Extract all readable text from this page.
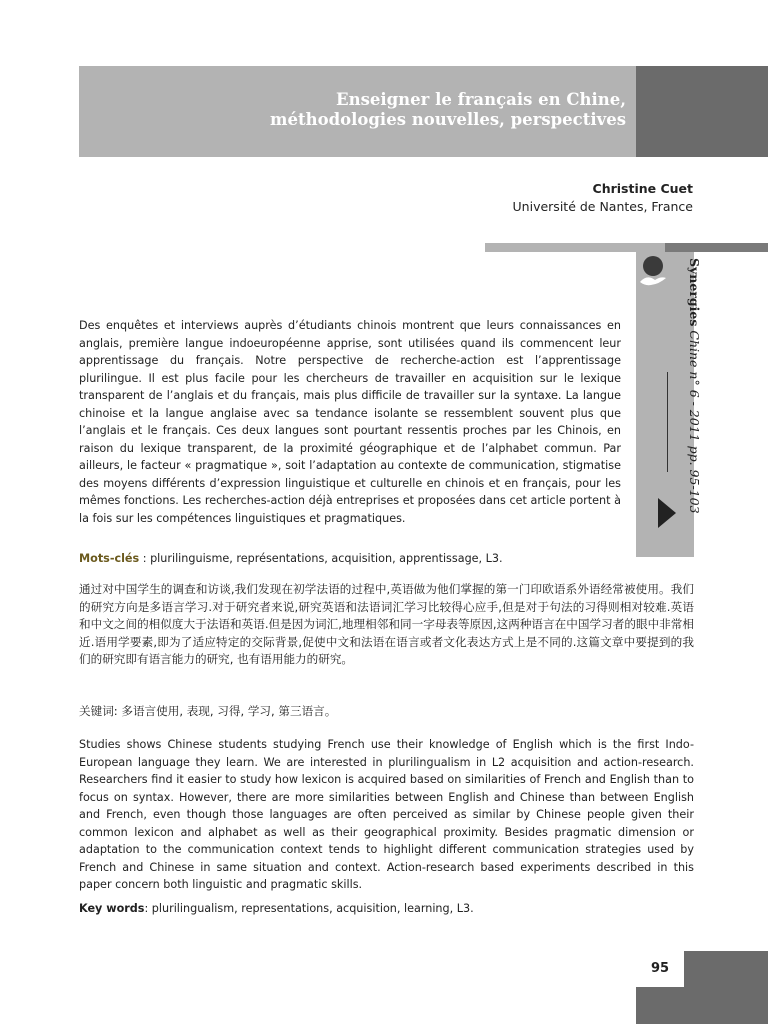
Enseigner le français en Chine,
méthodologies nouvelles, perspectives
Christine Cuet
Université de Nantes, France
Synergies Chine n° 6 - 2011 pp. 95-103
Des enquêtes et interviews auprès d’étudiants chinois montrent que leurs connaissances en anglais, première langue indoeuropéenne apprise, sont utilisées quand ils commencent leur apprentissage du français. Notre perspective de recherche-action est l’apprentissage plurilingue. Il est plus facile pour les chercheurs de travailler en acquisition sur le lexique transparent de l’anglais et du français, mais plus difficile de travailler sur la syntaxe. La langue chinoise et la langue anglaise avec sa tendance isolante se ressemblent souvent plus que l’anglais et le français. Ces deux langues sont pourtant ressentis proches par les Chinois, en raison du lexique transparent, de la proximité géographique et de l’alphabet commun. Par ailleurs, le facteur « pragmatique », soit l’adaptation au contexte de communication, stigmatise des moyens différents d’expression linguistique et culturelle en chinois et en français, pour les mêmes fonctions. Les recherches-action déjà entreprises et proposées dans cet article portent à la fois sur les compétences linguistiques et pragmatiques.
Mots-clés : plurilinguisme, représentations, acquisition, apprentissage, L3.
通过对中国学生的调查和访谈,我们发现在初学法语的过程中,英语做为他们掌握的第一门印欧语系外语经常被使用。我们的研究方向是多语言学习.对于研究者来说,研究英语和法语词汇学习比较得心应手,但是对于句法的习得则相对较难.英语和中文之间的相似度大于法语和英语.但是因为词汇,地理相邻和同一字母表等原因,这两种语言在中国学习者的眼中非常相近.语用学要素,即为了适应特定的交际背景,促使中文和法语在语言或者文化表达方式上是不同的.这篇文章中要提到的我们的研究即有语言能力的研究, 也有语用能力的研究。
关键词: 多语言使用, 表现, 习得, 学习, 第三语言。
Studies shows Chinese students studying French use their knowledge of English which is the first Indo-European language they learn. We are interested in plurilingualism in L2 acquisition and action-research. Researchers find it easier to study how lexicon is acquired based on similarities of French and English than to focus on syntax. However, there are more similarities between English and Chinese than between English and French, even though those languages are often perceived as similar by Chinese people given their common lexicon and alphabet as well as their geographical proximity. Besides pragmatic dimension or adaptation to the communication context tends to highlight different communication strategies used by French and Chinese in same situation and context. Action-research based experiments described in this paper concern both linguistic and pragmatic skills.
Key words: plurilingualism, representations, acquisition, learning, L3.
95
